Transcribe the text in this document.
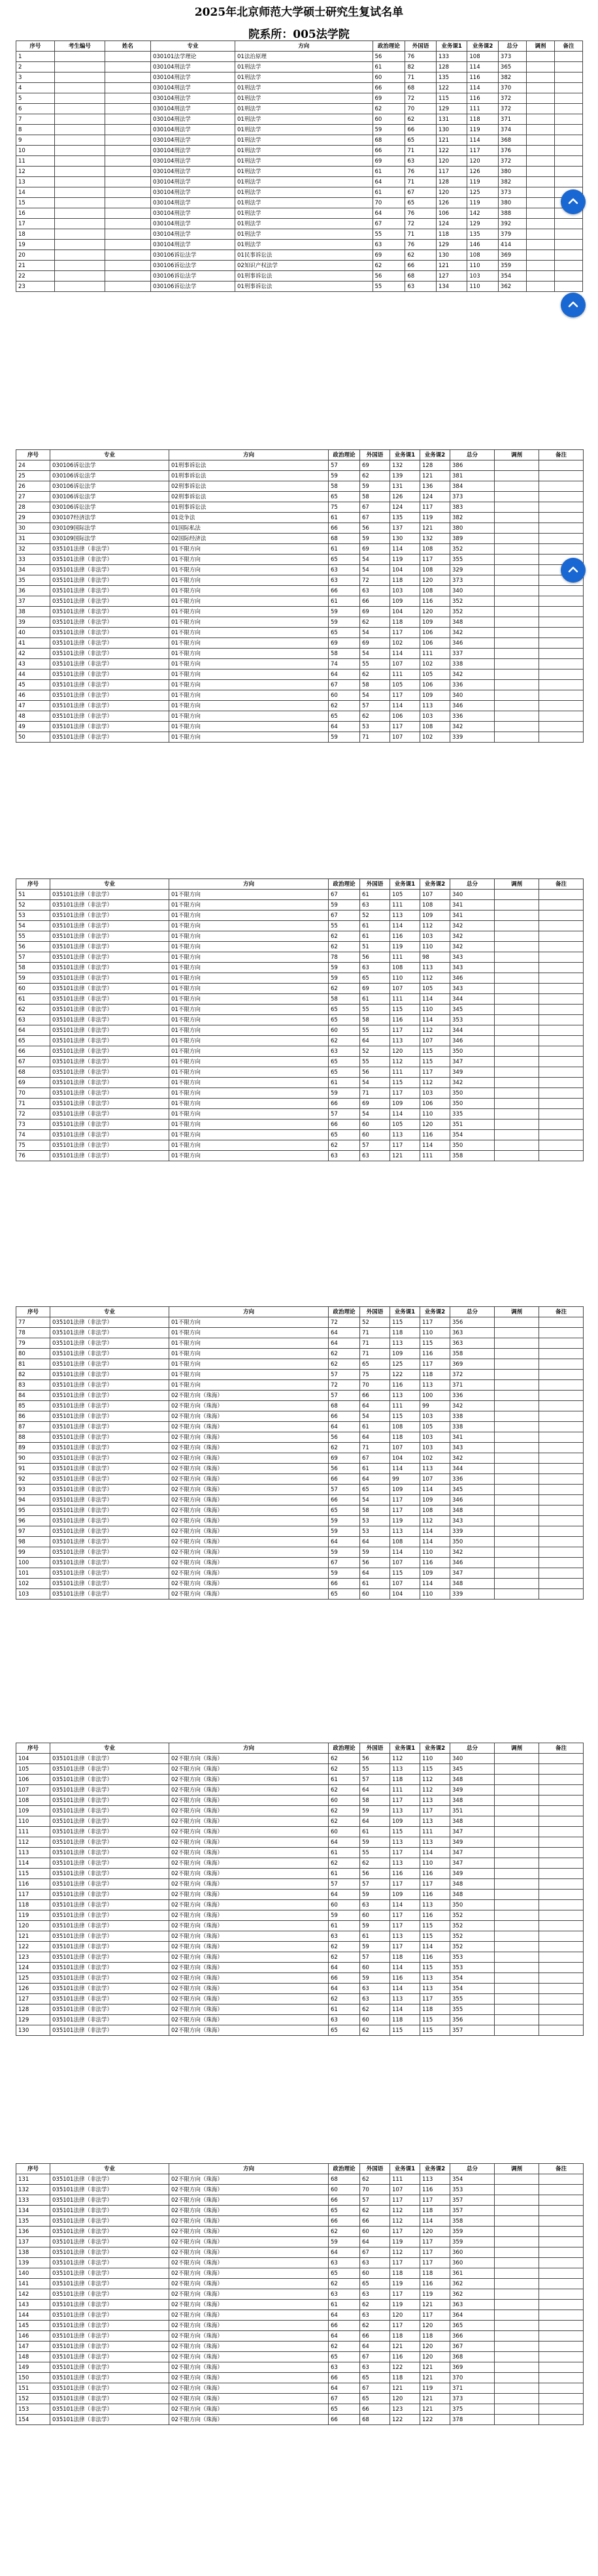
2025年北京师范大学硕士研究生复试名单
院系所：005法学院
序号	考生编号	姓名	专业	方向	政治理论	外国语	业务课1	业务课2	总分	调剂	备注
1			030101法学理论	01法治原理	56	76	133	108	373		
2			030104刑法学	01刑法学	61	82	128	114	365		
3			030104刑法学	01刑法学	60	71	135	116	382		
4			030104刑法学	01刑法学	66	68	122	114	370		
5			030104刑法学	01刑法学	69	72	115	116	372		
6			030104刑法学	01刑法学	62	70	129	111	372		
7			030104刑法学	01刑法学	60	62	131	118	371		
8			030104刑法学	01刑法学	59	66	130	119	374		
9			030104刑法学	01刑法学	68	65	121	114	368		
10			030104刑法学	01刑法学	66	71	122	117	376		
11			030104刑法学	01刑法学	69	63	120	120	372		
12			030104刑法学	01刑法学	61	76	117	126	380		
13			030104刑法学	01刑法学	64	71	128	119	382		
14			030104刑法学	01刑法学	61	67	120	125	373		
15			030104刑法学	01刑法学	70	65	126	119	380		
16			030104刑法学	01刑法学	64	76	106	142	388		
17			030104刑法学	01刑法学	67	72	124	129	392		
18			030104刑法学	01刑法学	55	71	118	135	379		
19			030104刑法学	01刑法学	63	76	129	146	414		
20			030106诉讼法学	01民事诉讼法	69	62	130	108	369		
21			030106诉讼法学	02知识产权法学	62	66	121	110	359		
22			030106诉讼法学	01刑事诉讼法	56	68	127	103	354		
23			030106诉讼法学	01刑事诉讼法	55	63	134	110	362		
序号	专业	方向	政治理论	外国语	业务课1	业务课2	总分	调剂	备注
24	030106诉讼法学	01刑事诉讼法	57	69	132	128	386		
25	030106诉讼法学	01刑事诉讼法	59	62	139	121	381		
26	030106诉讼法学	02刑事诉讼法	58	59	131	136	384		
27	030106诉讼法学	02刑事诉讼法	65	58	126	124	373		
28	030106诉讼法学	01刑事诉讼法	75	67	124	117	383		
29	030107经济法学	01竞争法	61	67	135	119	382		
30	030109国际法学	01国际私法	66	56	137	121	380		
31	030109国际法学	02国际经济法	68	59	130	132	389		
32	035101法律（非法学）	01不限方向	61	69	114	108	352		
33	035101法律（非法学）	01不限方向	65	54	119	117	355		
34	035101法律（非法学）	01不限方向	63	54	104	108	329		
35	035101法律（非法学）	01不限方向	63	72	118	120	373		
36	035101法律（非法学）	01不限方向	66	63	103	108	340		
37	035101法律（非法学）	01不限方向	61	66	109	116	352		
38	035101法律（非法学）	01不限方向	59	69	104	120	352		
39	035101法律（非法学）	01不限方向	59	62	118	109	348		
40	035101法律（非法学）	01不限方向	65	54	117	106	342		
41	035101法律（非法学）	01不限方向	69	69	102	106	346		
42	035101法律（非法学）	01不限方向	58	54	114	111	337		
43	035101法律（非法学）	01不限方向	74	55	107	102	338		
44	035101法律（非法学）	01不限方向	64	62	111	105	342		
45	035101法律（非法学）	01不限方向	67	58	105	106	336		
46	035101法律（非法学）	01不限方向	60	54	117	109	340		
47	035101法律（非法学）	01不限方向	62	57	114	113	346		
48	035101法律（非法学）	01不限方向	65	62	106	103	336		
49	035101法律（非法学）	01不限方向	64	53	117	108	342		
50	035101法律（非法学）	01不限方向	59	71	107	102	339		
序号	专业	方向	政治理论	外国语	业务课1	业务课2	总分	调剂	备注
51	035101法律（非法学）	01不限方向	67	61	105	107	340		
52	035101法律（非法学）	01不限方向	59	63	111	108	341		
53	035101法律（非法学）	01不限方向	67	52	113	109	341		
54	035101法律（非法学）	01不限方向	55	61	114	112	342		
55	035101法律（非法学）	01不限方向	62	61	116	103	342		
56	035101法律（非法学）	01不限方向	62	51	119	110	342		
57	035101法律（非法学）	01不限方向	78	56	111	98	343		
58	035101法律（非法学）	01不限方向	59	63	108	113	343		
59	035101法律（非法学）	01不限方向	59	65	110	112	346		
60	035101法律（非法学）	01不限方向	62	69	107	105	343		
61	035101法律（非法学）	01不限方向	58	61	111	114	344		
62	035101法律（非法学）	01不限方向	65	55	115	110	345		
63	035101法律（非法学）	01不限方向	65	58	116	114	353		
64	035101法律（非法学）	01不限方向	60	55	117	112	344		
65	035101法律（非法学）	01不限方向	62	64	113	107	346		
66	035101法律（非法学）	01不限方向	63	52	120	115	350		
67	035101法律（非法学）	01不限方向	65	55	112	115	347		
68	035101法律（非法学）	01不限方向	65	56	111	117	349		
69	035101法律（非法学）	01不限方向	61	54	115	112	342		
70	035101法律（非法学）	01不限方向	59	71	117	103	350		
71	035101法律（非法学）	01不限方向	66	69	109	106	350		
72	035101法律（非法学）	01不限方向	57	54	114	110	335		
73	035101法律（非法学）	01不限方向	66	60	105	120	351		
74	035101法律（非法学）	01不限方向	65	60	113	116	354		
75	035101法律（非法学）	01不限方向	62	57	117	114	350		
76	035101法律（非法学）	01不限方向	63	63	121	111	358		
序号	专业	方向	政治理论	外国语	业务课1	业务课2	总分	调剂	备注
77	035101法律（非法学）	01不限方向	72	52	115	117	356		
78	035101法律（非法学）	01不限方向	64	71	118	110	363		
79	035101法律（非法学）	01不限方向	64	71	113	115	363		
80	035101法律（非法学）	01不限方向	62	71	109	116	358		
81	035101法律（非法学）	01不限方向	62	65	125	117	369		
82	035101法律（非法学）	01不限方向	57	75	122	118	372		
83	035101法律（非法学）	01不限方向	72	70	116	113	371		
84	035101法律（非法学）	02不限方向（珠海）	57	66	113	100	336		
85	035101法律（非法学）	02不限方向（珠海）	68	64	111	99	342		
86	035101法律（非法学）	02不限方向（珠海）	66	54	115	103	338		
87	035101法律（非法学）	02不限方向（珠海）	64	61	108	105	338		
88	035101法律（非法学）	02不限方向（珠海）	56	64	118	103	341		
89	035101法律（非法学）	02不限方向（珠海）	62	71	107	103	343		
90	035101法律（非法学）	02不限方向（珠海）	69	67	104	102	342		
91	035101法律（非法学）	02不限方向（珠海）	56	61	114	113	344		
92	035101法律（非法学）	02不限方向（珠海）	66	64	99	107	336		
93	035101法律（非法学）	02不限方向（珠海）	57	65	109	114	345		
94	035101法律（非法学）	02不限方向（珠海）	66	54	117	109	346		
95	035101法律（非法学）	02不限方向（珠海）	65	58	117	108	348		
96	035101法律（非法学）	02不限方向（珠海）	59	53	119	112	343		
97	035101法律（非法学）	02不限方向（珠海）	59	53	113	114	339		
98	035101法律（非法学）	02不限方向（珠海）	64	64	108	114	350		
99	035101法律（非法学）	02不限方向（珠海）	59	59	114	110	342		
100	035101法律（非法学）	02不限方向（珠海）	67	56	107	116	346		
101	035101法律（非法学）	02不限方向（珠海）	59	64	115	109	347		
102	035101法律（非法学）	02不限方向（珠海）	66	61	107	114	348		
103	035101法律（非法学）	02不限方向（珠海）	65	60	104	110	339		
序号	专业	方向	政治理论	外国语	业务课1	业务课2	总分	调剂	备注
104	035101法律（非法学）	02不限方向（珠海）	62	56	112	110	340		
105	035101法律（非法学）	02不限方向（珠海）	62	55	113	115	345		
106	035101法律（非法学）	02不限方向（珠海）	61	57	118	112	348		
107	035101法律（非法学）	02不限方向（珠海）	62	64	111	112	349		
108	035101法律（非法学）	02不限方向（珠海）	60	58	117	113	348		
109	035101法律（非法学）	02不限方向（珠海）	62	59	113	117	351		
110	035101法律（非法学）	02不限方向（珠海）	62	64	109	113	348		
111	035101法律（非法学）	02不限方向（珠海）	60	61	115	111	347		
112	035101法律（非法学）	02不限方向（珠海）	64	59	113	113	349		
113	035101法律（非法学）	02不限方向（珠海）	61	55	117	114	347		
114	035101法律（非法学）	02不限方向（珠海）	62	62	113	110	347		
115	035101法律（非法学）	02不限方向（珠海）	61	56	116	116	349		
116	035101法律（非法学）	02不限方向（珠海）	57	57	117	117	348		
117	035101法律（非法学）	02不限方向（珠海）	64	59	109	116	348		
118	035101法律（非法学）	02不限方向（珠海）	60	63	114	113	350		
119	035101法律（非法学）	02不限方向（珠海）	59	60	117	116	352		
120	035101法律（非法学）	02不限方向（珠海）	61	59	117	115	352		
121	035101法律（非法学）	02不限方向（珠海）	63	61	113	115	352		
122	035101法律（非法学）	02不限方向（珠海）	62	59	117	114	352		
123	035101法律（非法学）	02不限方向（珠海）	62	57	118	116	353		
124	035101法律（非法学）	02不限方向（珠海）	64	60	114	115	353		
125	035101法律（非法学）	02不限方向（珠海）	66	59	116	113	354		
126	035101法律（非法学）	02不限方向（珠海）	64	63	114	113	354		
127	035101法律（非法学）	02不限方向（珠海）	62	63	113	117	355		
128	035101法律（非法学）	02不限方向（珠海）	61	62	114	118	355		
129	035101法律（非法学）	02不限方向（珠海）	63	60	118	115	356		
130	035101法律（非法学）	02不限方向（珠海）	65	62	115	115	357		
序号	专业	方向	政治理论	外国语	业务课1	业务课2	总分	调剂	备注
131	035101法律（非法学）	02不限方向（珠海）	68	62	111	113	354		
132	035101法律（非法学）	02不限方向（珠海）	60	70	107	116	353		
133	035101法律（非法学）	02不限方向（珠海）	66	57	117	117	357		
134	035101法律（非法学）	02不限方向（珠海）	65	62	112	118	357		
135	035101法律（非法学）	02不限方向（珠海）	66	66	112	114	358		
136	035101法律（非法学）	02不限方向（珠海）	62	60	117	120	359		
137	035101法律（非法学）	02不限方向（珠海）	59	64	119	117	359		
138	035101法律（非法学）	02不限方向（珠海）	64	67	112	117	360		
139	035101法律（非法学）	02不限方向（珠海）	63	63	117	117	360		
140	035101法律（非法学）	02不限方向（珠海）	65	60	118	118	361		
141	035101法律（非法学）	02不限方向（珠海）	62	65	119	116	362		
142	035101法律（非法学）	02不限方向（珠海）	63	63	117	119	362		
143	035101法律（非法学）	02不限方向（珠海）	61	62	119	121	363		
144	035101法律（非法学）	02不限方向（珠海）	64	63	120	117	364		
145	035101法律（非法学）	02不限方向（珠海）	66	62	117	120	365		
146	035101法律（非法学）	02不限方向（珠海）	64	66	118	118	366		
147	035101法律（非法学）	02不限方向（珠海）	62	64	121	120	367		
148	035101法律（非法学）	02不限方向（珠海）	65	67	116	120	368		
149	035101法律（非法学）	02不限方向（珠海）	63	63	122	121	369		
150	035101法律（非法学）	02不限方向（珠海）	66	65	118	121	370		
151	035101法律（非法学）	02不限方向（珠海）	64	67	121	119	371		
152	035101法律（非法学）	02不限方向（珠海）	67	65	120	121	373		
153	035101法律（非法学）	02不限方向（珠海）	65	66	123	121	375		
154	035101法律（非法学）	02不限方向（珠海）	66	68	122	122	378		
